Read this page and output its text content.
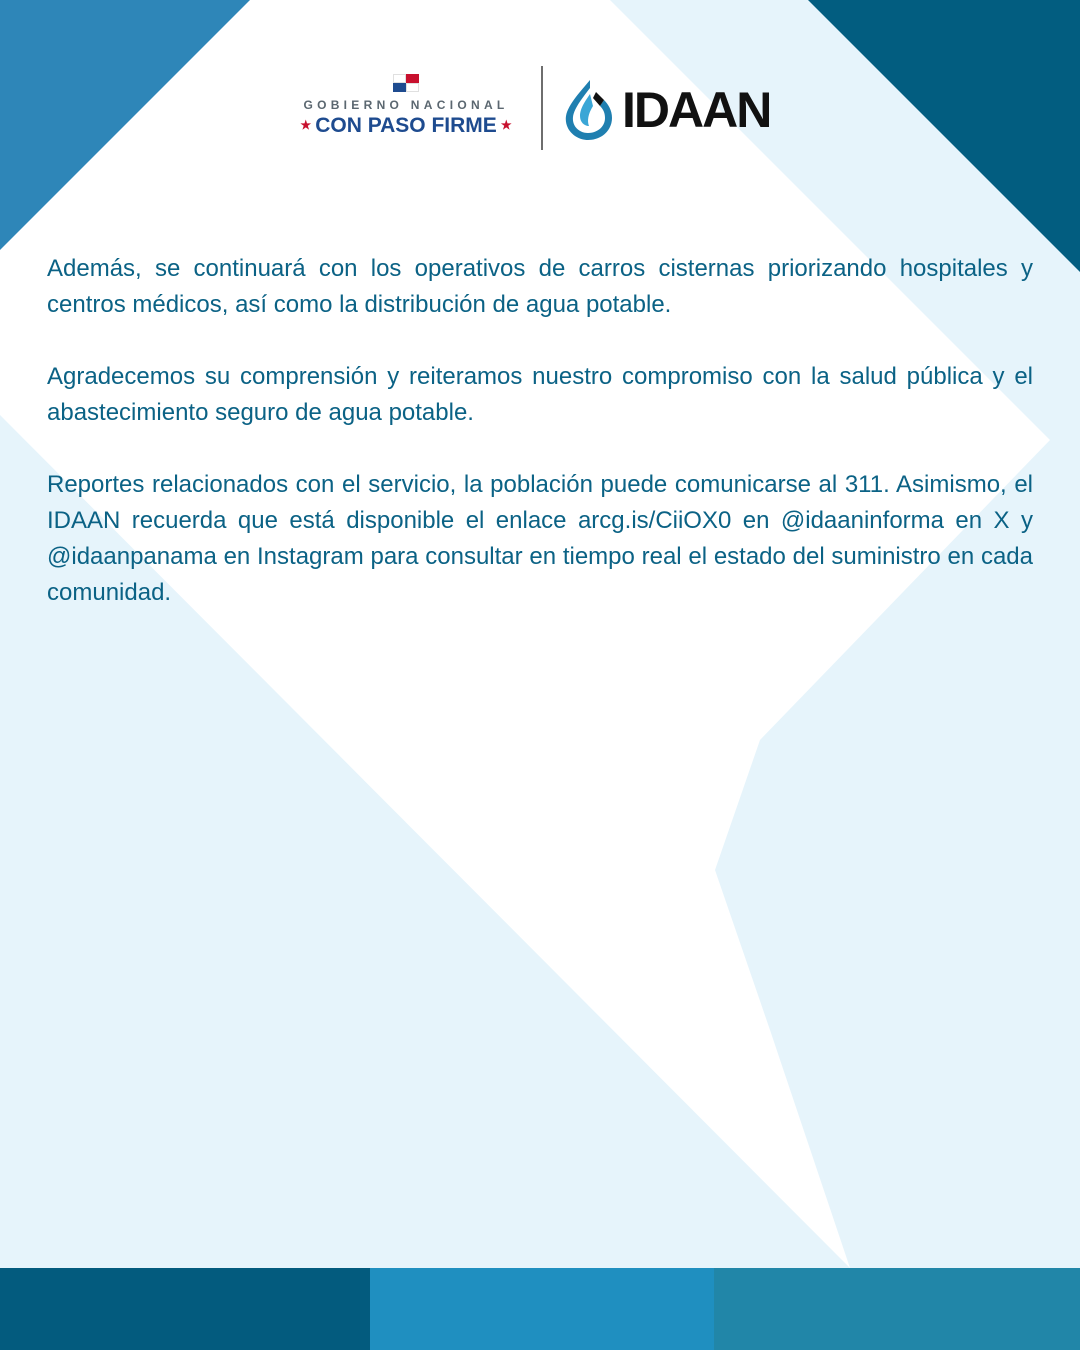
GOBIERNO NACIONAL
★ CON PASO FIRME ★ IDAAN

Además, se continuará con los operativos de carros cisternas priorizando hospitales y centros médicos, así como la distribución de agua potable.

Agradecemos su comprensión y reiteramos nuestro compromiso con la salud pública y el abastecimiento seguro de agua potable.

Reportes relacionados con el servicio, la población puede comunicarse al 311. Asimismo, el IDAAN recuerda que está disponible el enlace arcg.is/CiiOX0 en @idaaninforma en X y @idaanpanama en Instagram para consultar en tiempo real el estado del suministro en cada comunidad.
